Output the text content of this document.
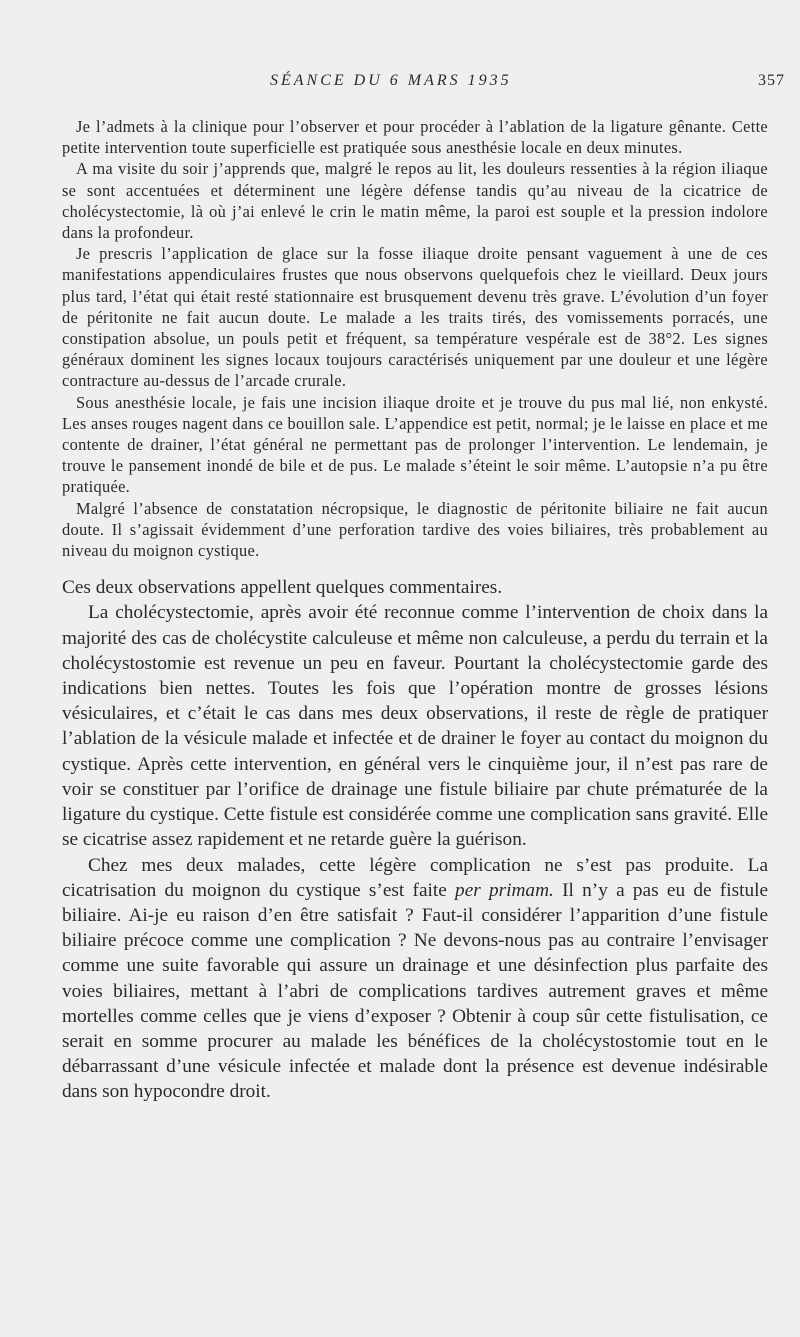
SÉANCE DU 6 MARS 1935	357

Je l’admets à la clinique pour l’observer et pour procéder à l’ablation de la ligature gênante. Cette petite intervention toute superficielle est pratiquée sous anesthésie locale en deux minutes.

A ma visite du soir j’apprends que, malgré le repos au lit, les douleurs ressenties à la région iliaque se sont accentuées et déterminent une légère défense tandis qu’au niveau de la cicatrice de cholécystectomie, là où j’ai enlevé le crin le matin même, la paroi est souple et la pression indolore dans la profondeur.

Je prescris l’application de glace sur la fosse iliaque droite pensant vaguement à une de ces manifestations appendiculaires frustes que nous observons quelquefois chez le vieillard. Deux jours plus tard, l’état qui était resté stationnaire est brusquement devenu très grave. L’évolution d’un foyer de péritonite ne fait aucun doute. Le malade a les traits tirés, des vomissements porracés, une constipation absolue, un pouls petit et fréquent, sa température vespérale est de 38°2. Les signes généraux dominent les signes locaux toujours caractérisés uniquement par une douleur et une légère contracture au-dessus de l’arcade crurale.

Sous anesthésie locale, je fais une incision iliaque droite et je trouve du pus mal lié, non enkysté. Les anses rouges nagent dans ce bouillon sale. L’appendice est petit, normal; je le laisse en place et me contente de drainer, l’état général ne permettant pas de prolonger l’intervention. Le lendemain, je trouve le pansement inondé de bile et de pus. Le malade s’éteint le soir même. L’autopsie n’a pu être pratiquée.

Malgré l’absence de constatation nécropsique, le diagnostic de péritonite biliaire ne fait aucun doute. Il s’agissait évidemment d’une perforation tardive des voies biliaires, très probablement au niveau du moignon cystique.

Ces deux observations appellent quelques commentaires.

La cholécystectomie, après avoir été reconnue comme l’intervention de choix dans la majorité des cas de cholécystite calculeuse et même non calculeuse, a perdu du terrain et la cholécystostomie est revenue un peu en faveur. Pourtant la cholécystectomie garde des indications bien nettes. Toutes les fois que l’opération montre de grosses lésions vésiculaires, et c’était le cas dans mes deux observations, il reste de règle de pratiquer l’ablation de la vésicule malade et infectée et de drainer le foyer au contact du moignon du cystique. Après cette intervention, en général vers le cinquième jour, il n’est pas rare de voir se constituer par l’orifice de drainage une fistule biliaire par chute prématurée de la ligature du cystique. Cette fistule est considérée comme une complication sans gravité. Elle se cicatrise assez rapidement et ne retarde guère la guérison.

Chez mes deux malades, cette légère complication ne s’est pas produite. La cicatrisation du moignon du cystique s’est faite per primam. Il n’y a pas eu de fistule biliaire. Ai-je eu raison d’en être satisfait ? Faut-il considérer l’apparition d’une fistule biliaire précoce comme une complication ? Ne devons-nous pas au contraire l’envisager comme une suite favorable qui assure un drainage et une désinfection plus parfaite des voies biliaires, mettant à l’abri de complications tardives autrement graves et même mortelles comme celles que je viens d’exposer ? Obtenir à coup sûr cette fistulisation, ce serait en somme procurer au malade les bénéfices de la cholécystostomie tout en le débarrassant d’une vésicule infectée et malade dont la présence est devenue indésirable dans son hypocondre droit.
